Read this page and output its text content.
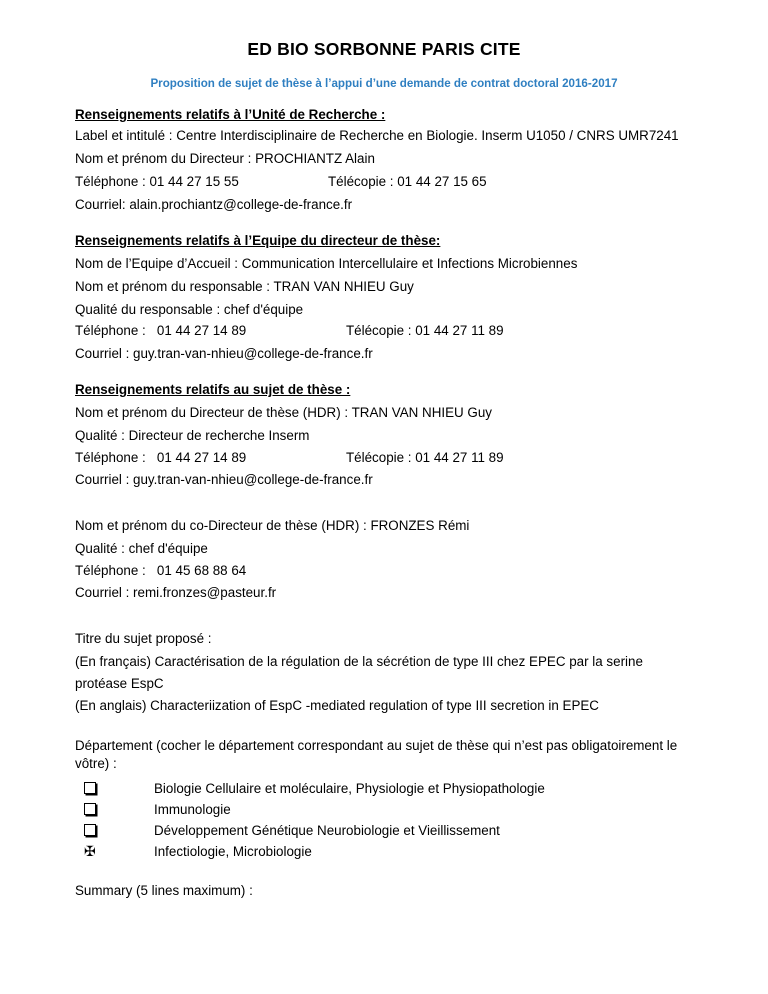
ED BIO SORBONNE PARIS CITE
Proposition de sujet de thèse à l’appui d’une demande de contrat doctoral 2016-2017
Renseignements relatifs à l’Unité de Recherche :
Label et intitulé : Centre Interdisciplinaire de Recherche en Biologie. Inserm U1050 / CNRS UMR7241
Nom et prénom du Directeur : PROCHIANTZ Alain
Téléphone : 01 44 27 15 55	Télécopie : 01 44 27 15 65
Courriel: alain.prochiantz@college-de-france.fr
Renseignements relatifs à l’Equipe du directeur de thèse:
Nom de l’Equipe d’Accueil : Communication Intercellulaire et Infections Microbiennes
Nom et prénom du responsable : TRAN VAN NHIEU Guy
Qualité du responsable : chef d'équipe
Téléphone :   01 44 27 14 89	Télécopie : 01 44 27 11 89
Courriel : guy.tran-van-nhieu@college-de-france.fr
Renseignements relatifs au sujet de thèse :
Nom et prénom du Directeur de thèse (HDR) : TRAN VAN NHIEU Guy
Qualité : Directeur de recherche Inserm
Téléphone :   01 44 27 14 89	Télécopie : 01 44 27 11 89
Courriel : guy.tran-van-nhieu@college-de-france.fr
Nom et prénom du co-Directeur de thèse (HDR) : FRONZES Rémi
Qualité : chef d'équipe
Téléphone :   01 45 68 88 64
Courriel : remi.fronzes@pasteur.fr
Titre du sujet proposé :
(En français) Caractérisation de la régulation de la sécrétion de type III chez EPEC par la serine
protéase EspC
(En anglais) Characteriization of EspC -mediated regulation of type III secretion in EPEC
Département (cocher le département correspondant au sujet de thèse qui n’est pas obligatoirement le
vôtre) :
Biologie Cellulaire et moléculaire, Physiologie et Physiopathologie
Immunologie
Développement Génétique Neurobiologie et Vieillissement
✠	Infectiologie, Microbiologie
Summary (5 lines maximum) :
